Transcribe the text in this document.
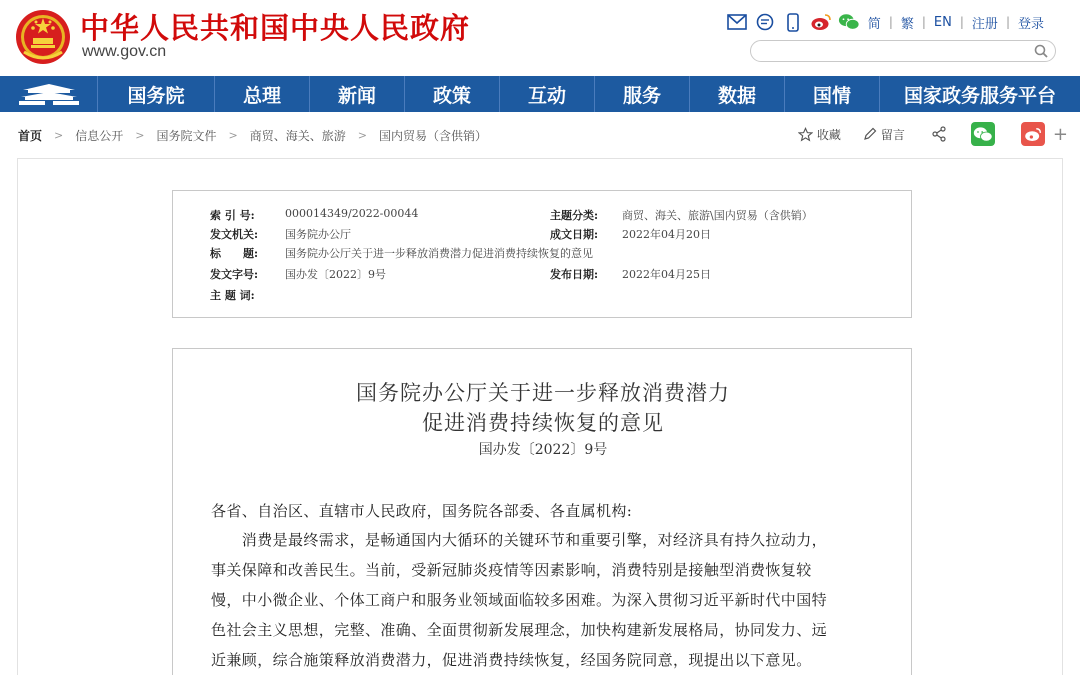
中华人民共和国中央人民政府
www.gov.cn
简 | 繁 | EN | 注册 | 登录
国务院	总理	新闻	政策	互动	服务	数据	国情	国家政务服务平台
首页 > 信息公开 > 国务院文件 > 商贸、海关、旅游 > 国内贸易（含供销）	收藏	留言	+
索 引 号:	000014349/2022-00044	主题分类:	商贸、海关、旅游\国内贸易（含供销）
发文机关:	国务院办公厅	成文日期:	2022年04月20日
标　　题:	国务院办公厅关于进一步释放消费潜力促进消费持续恢复的意见
发文字号:	国办发〔2022〕9号	发布日期:	2022年04月25日
主 题 词:
国务院办公厅关于进一步释放消费潜力
促进消费持续恢复的意见
国办发〔2022〕9号
各省、自治区、直辖市人民政府，国务院各部委、各直属机构:
　　消费是最终需求，是畅通国内大循环的关键环节和重要引擎，对经济具有持久拉动力，
事关保障和改善民生。当前，受新冠肺炎疫情等因素影响，消费特别是接触型消费恢复较
慢，中小微企业、个体工商户和服务业领域面临较多困难。为深入贯彻习近平新时代中国特
色社会主义思想，完整、准确、全面贯彻新发展理念，加快构建新发展格局，协同发力、远
近兼顾，综合施策释放消费潜力，促进消费持续恢复，经国务院同意，现提出以下意见。
